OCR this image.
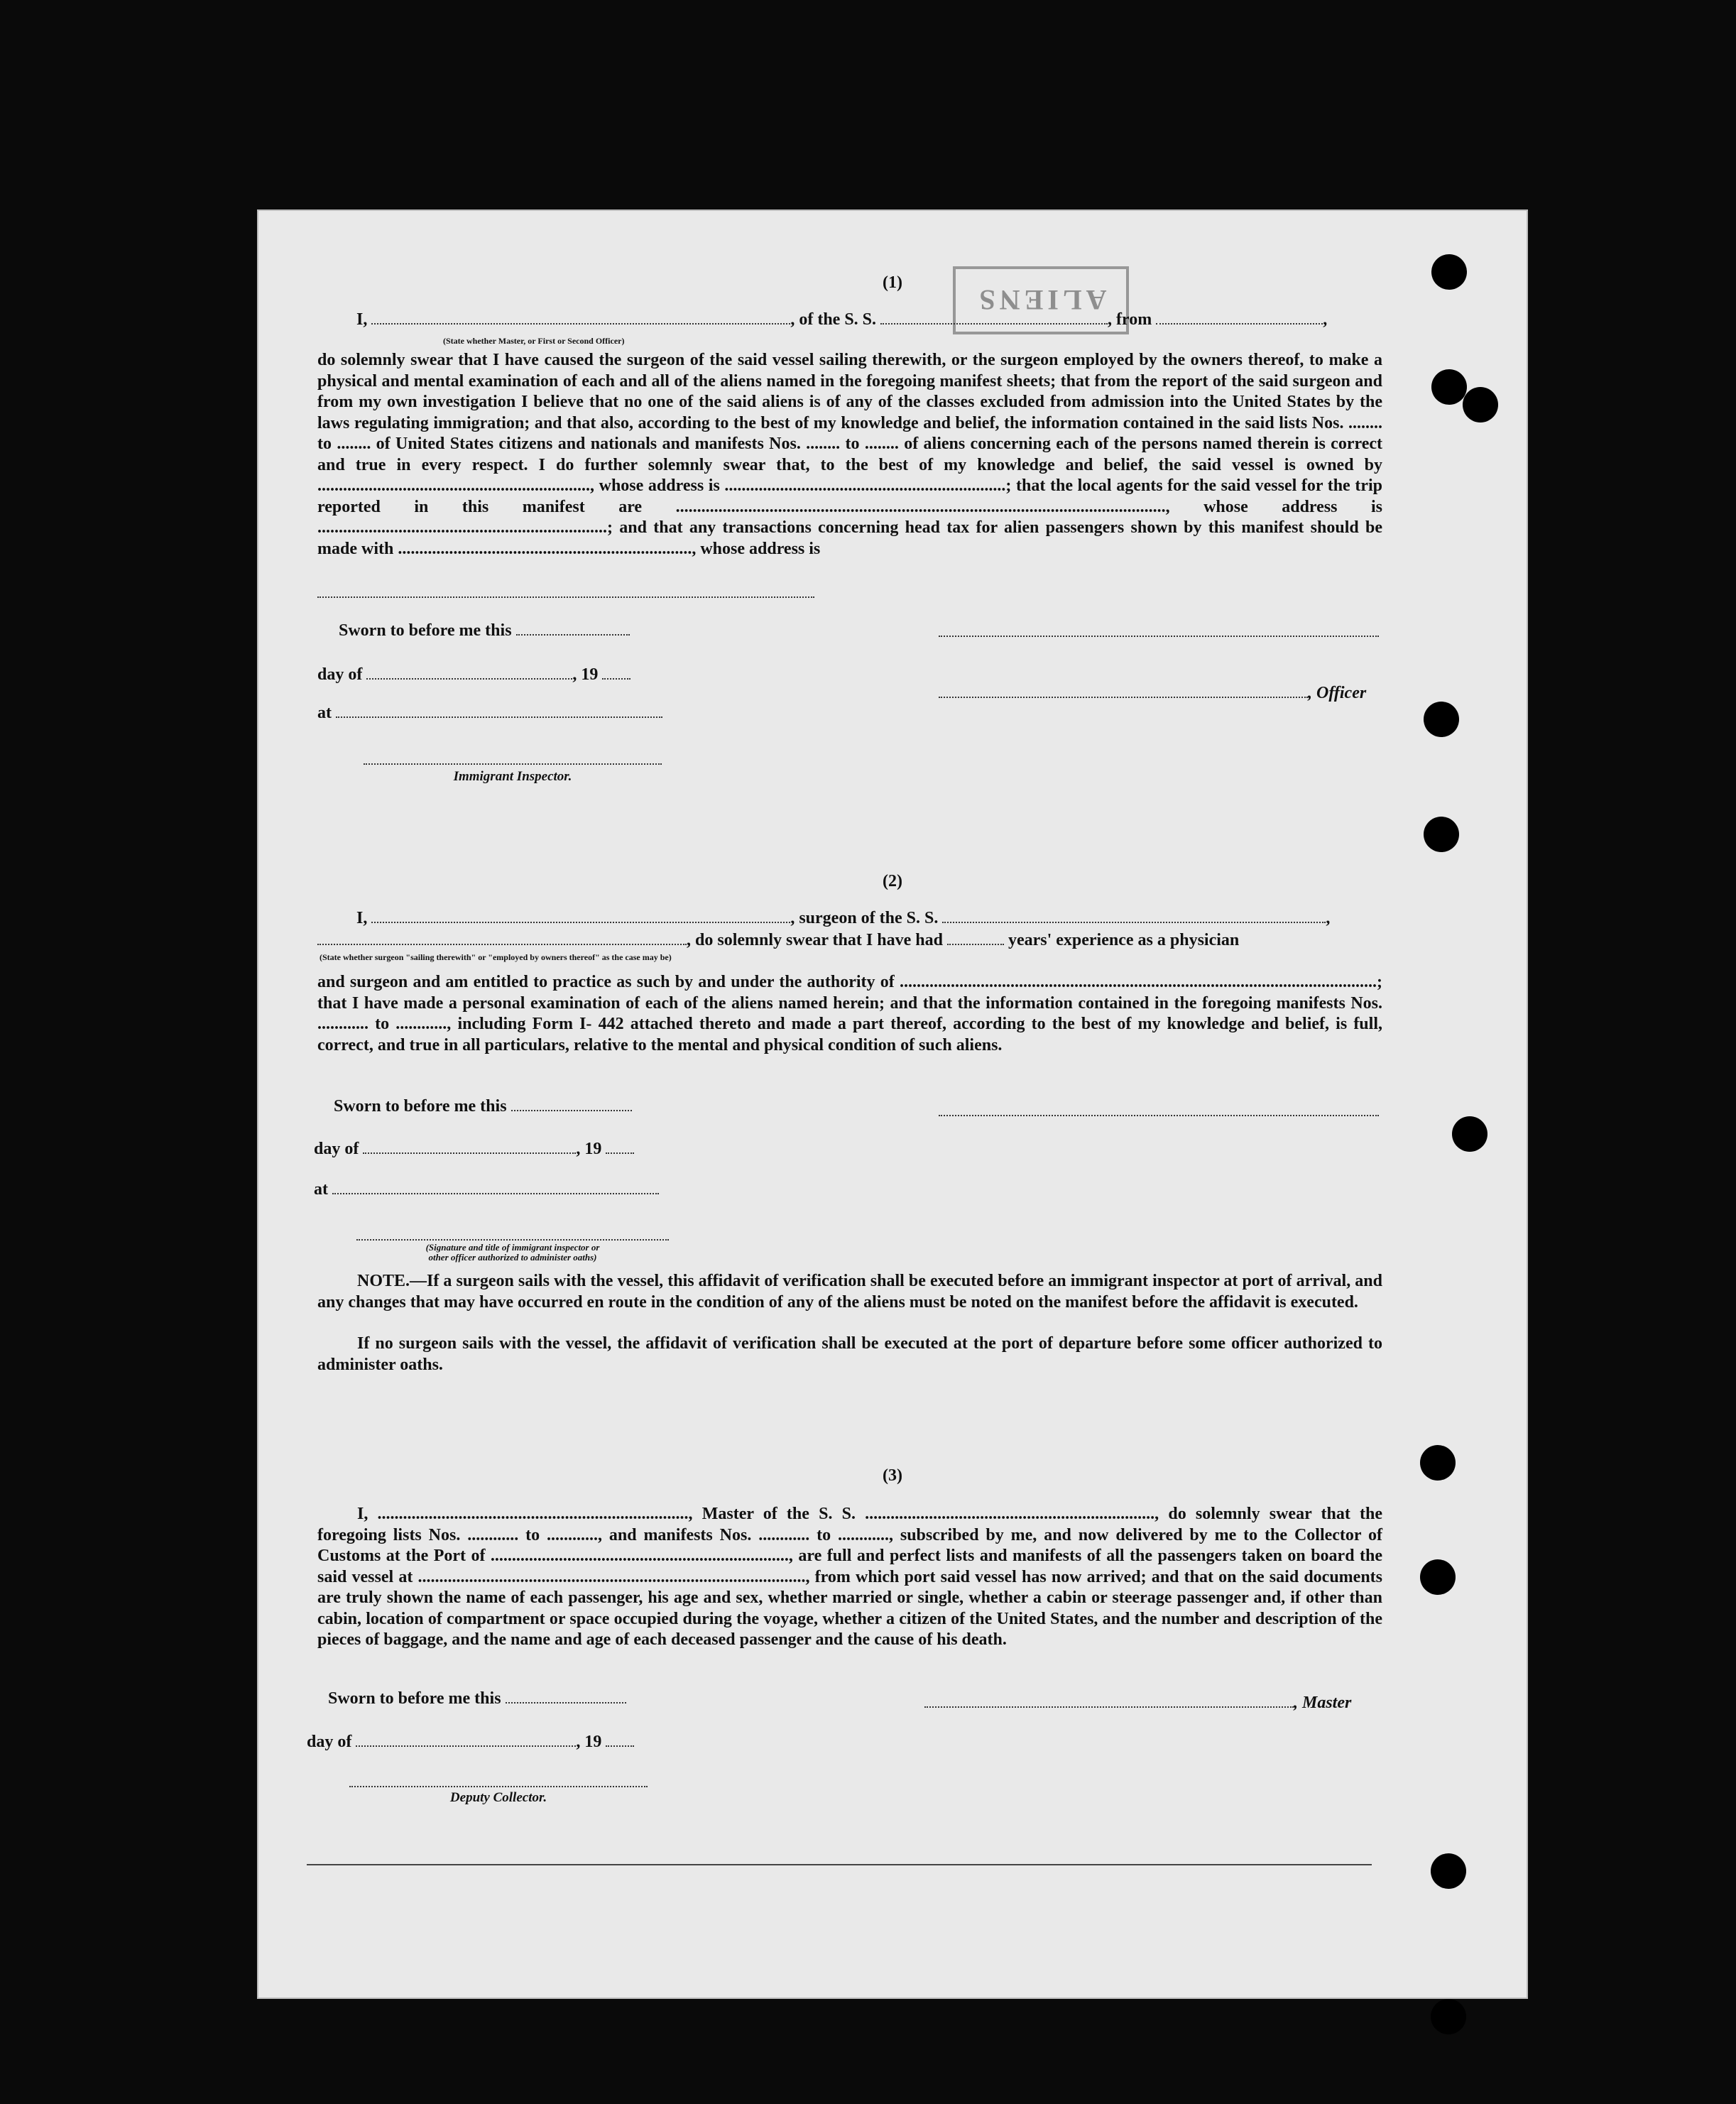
ALIENS
(1)
I,	, of the S. S.	, from	,
(State whether Master, or First or Second Officer)
do solemnly swear that I have caused the surgeon of the said vessel sailing therewith, or the surgeon employed by the owners thereof, to make a physical and mental examination of each and all of the aliens named in the foregoing manifest sheets; that from the report of the said surgeon and from my own investigation I believe that no one of the said aliens is of any of the classes excluded from admission into the United States by the laws regulating immigration; and that also, according to the best of my knowledge and belief, the information contained in the said lists Nos. ........ to ........ of United States citizens and nationals and manifests Nos. ........ to ........ of aliens concerning each of the persons named therein is correct and true in every respect. I do further solemnly swear that, to the best of my knowledge and belief, the said vessel is owned by ................................................................, whose address is ..................................................................; that the local agents for the said vessel for the trip reported in this manifest are ..................................................................................................................., whose address is ....................................................................; and that any transactions concerning head tax for alien passengers shown by this manifest should be made with ....................................................................., whose address is
Sworn to before me this
day of	, 19
, Officer
at
Immigrant Inspector.
(2)
I,	, surgeon of the S. S.	,
, do solemnly swear that I have had	years' experience as a physician
(State whether surgeon "sailing therewith" or "employed by owners thereof" as the case may be)
and surgeon and am entitled to practice as such by and under the authority of ................................................................................................................; that I have made a personal examination of each of the aliens named herein; and that the information contained in the foregoing manifests Nos. ............ to ............, including Form I- 442 attached thereto and made a part thereof, according to the best of my knowledge and belief, is full, correct, and true in all particulars, relative to the mental and physical condition of such aliens.
Sworn to before me this
day of	, 19
at
(Signature and title of immigrant inspector or
other officer authorized to administer oaths)
NOTE.—If a surgeon sails with the vessel, this affidavit of verification shall be executed before an immigrant inspector at port of arrival, and any changes that may have occurred en route in the condition of any of the aliens must be noted on the manifest before the affidavit is executed.
If no surgeon sails with the vessel, the affidavit of verification shall be executed at the port of departure before some officer authorized to administer oaths.
(3)
I, ........................................................................., Master of the S. S. ...................................................................., do solemnly swear that the foregoing lists Nos. ............ to ............, and manifests Nos. ............ to ............, subscribed by me, and now delivered by me to the Collector of Customs at the Port of ......................................................................, are full and perfect lists and manifests of all the passengers taken on board the said vessel at ..........................................................................................., from which port said vessel has now arrived; and that on the said documents are truly shown the name of each passenger, his age and sex, whether married or single, whether a cabin or steerage passenger and, if other than cabin, location of compartment or space occupied during the voyage, whether a citizen of the United States, and the number and description of the pieces of baggage, and the name and age of each deceased passenger and the cause of his death.
Sworn to before me this	, Master
day of	, 19
Deputy Collector.
